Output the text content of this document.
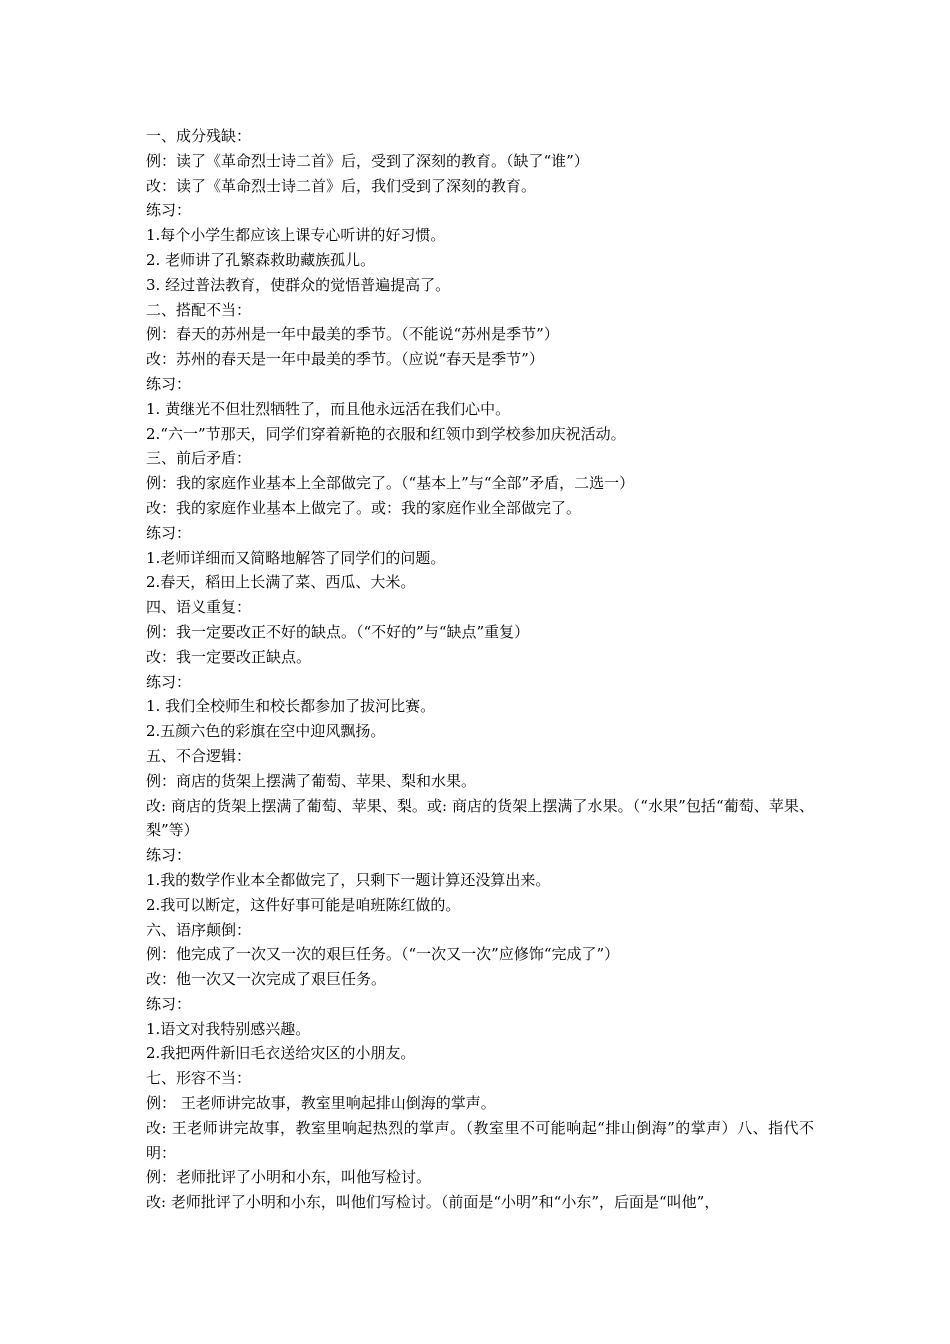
一、成分残缺：
例：读了《革命烈士诗二首》后，受到了深刻的教育。（缺了“谁”）
改：读了《革命烈士诗二首》后，我们受到了深刻的教育。
练习：
1.每个小学生都应该上课专心听讲的好习惯。
2. 老师讲了孔繁森救助藏族孤儿。
3. 经过普法教育，使群众的觉悟普遍提高了。
二、搭配不当：
例：春天的苏州是一年中最美的季节。（不能说“苏州是季节”）
改：苏州的春天是一年中最美的季节。（应说“春天是季节”）
练习：
1. 黄继光不但壮烈牺牲了，而且他永远活在我们心中。
2.“六一”节那天，同学们穿着新艳的衣服和红领巾到学校参加庆祝活动。
三、前后矛盾：
例：我的家庭作业基本上全部做完了。（“基本上”与“全部”矛盾，二选一）
改：我的家庭作业基本上做完了。或：我的家庭作业全部做完了。
练习：
1.老师详细而又简略地解答了同学们的问题。
2.春天，稻田上长满了菜、西瓜、大米。
四、语义重复：
例：我一定要改正不好的缺点。（“不好的”与“缺点”重复）
改：我一定要改正缺点。
练习：
1. 我们全校师生和校长都参加了拔河比赛。
2.五颜六色的彩旗在空中迎风飘扬。
五、不合逻辑：
例：商店的货架上摆满了葡萄、苹果、梨和水果。
改: 商店的货架上摆满了葡萄、苹果、梨。或: 商店的货架上摆满了水果。（“水果”包括“葡萄、苹果、梨”等）
练习：
1.我的数学作业本全都做完了，只剩下一题计算还没算出来。
2.我可以断定，这件好事可能是咱班陈红做的。
六、语序颠倒：
例：他完成了一次又一次的艰巨任务。（“一次又一次”应修饰“完成了”）
改：他一次又一次完成了艰巨任务。
练习：
1.语文对我特别感兴趣。
2.我把两件新旧毛衣送给灾区的小朋友。
七、形容不当：
例： 王老师讲完故事，教室里响起排山倒海的掌声。
改: 王老师讲完故事，教室里响起热烈的掌声。（教室里不可能响起“排山倒海”的掌声）八、指代不明：
例：老师批评了小明和小东，叫他写检讨。
改: 老师批评了小明和小东，叫他们写检讨。（前面是“小明”和“小东”，后面是“叫他”，
